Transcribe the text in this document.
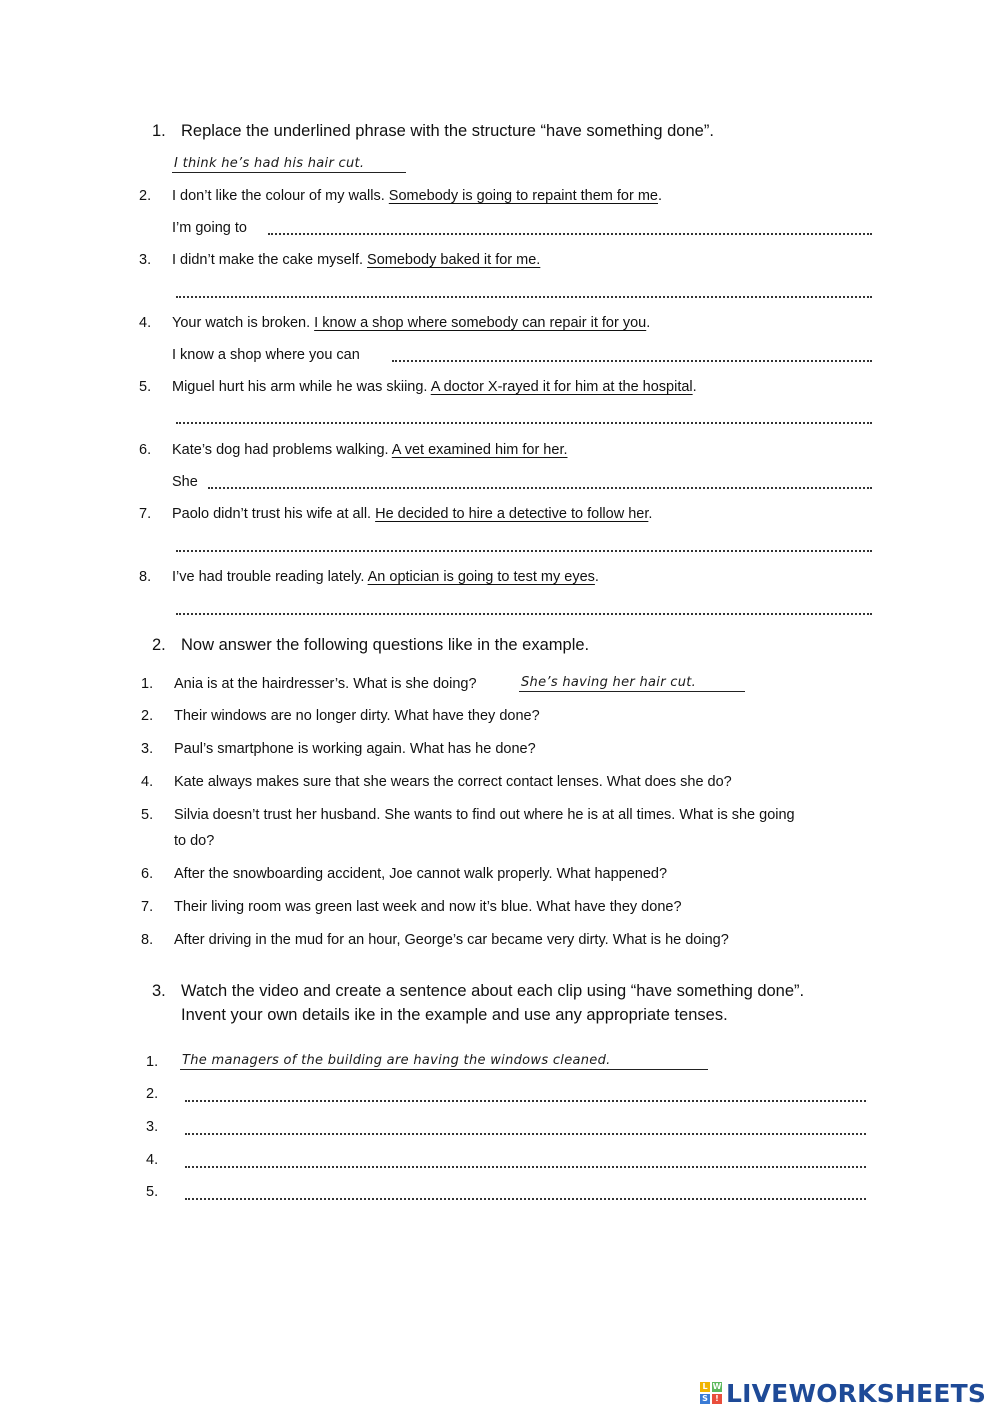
1. Replace the underlined phrase with the structure “have something done”.
I think he’s had his hair cut.
2. I don’t like the colour of my walls. Somebody is going to repaint them for me.
I’m going to
3. I didn’t make the cake myself. Somebody baked it for me.
4. Your watch is broken. I know a shop where somebody can repair it for you.
I know a shop where you can
5. Miguel hurt his arm while he was skiing. A doctor X-rayed it for him at the hospital.
6. Kate’s dog had problems walking. A vet examined him for her.
She
7. Paolo didn’t trust his wife at all. He decided to hire a detective to follow her.
8. I’ve had trouble reading lately. An optician is going to test my eyes.
2. Now answer the following questions like in the example.
1. Ania is at the hairdresser’s. What is she doing?	She’s having her hair cut.
2. Their windows are no longer dirty. What have they done?
3. Paul’s smartphone is working again. What has he done?
4. Kate always makes sure that she wears the correct contact lenses. What does she do?
5. Silvia doesn’t trust her husband. She wants to find out where he is at all times. What is she going
to do?
6. After the snowboarding accident, Joe cannot walk properly. What happened?
7. Their living room was green last week and now it’s blue. What have they done?
8. After driving in the mud for an hour, George’s car became very dirty. What is he doing?
3. Watch the video and create a sentence about each clip using “have something done”.
Invent your own details ike in the example and use any appropriate tenses.
1. The managers of the building are having the windows cleaned.
2.
3.
4.
5.
L W
S ! LIVEWORKSHEETS
